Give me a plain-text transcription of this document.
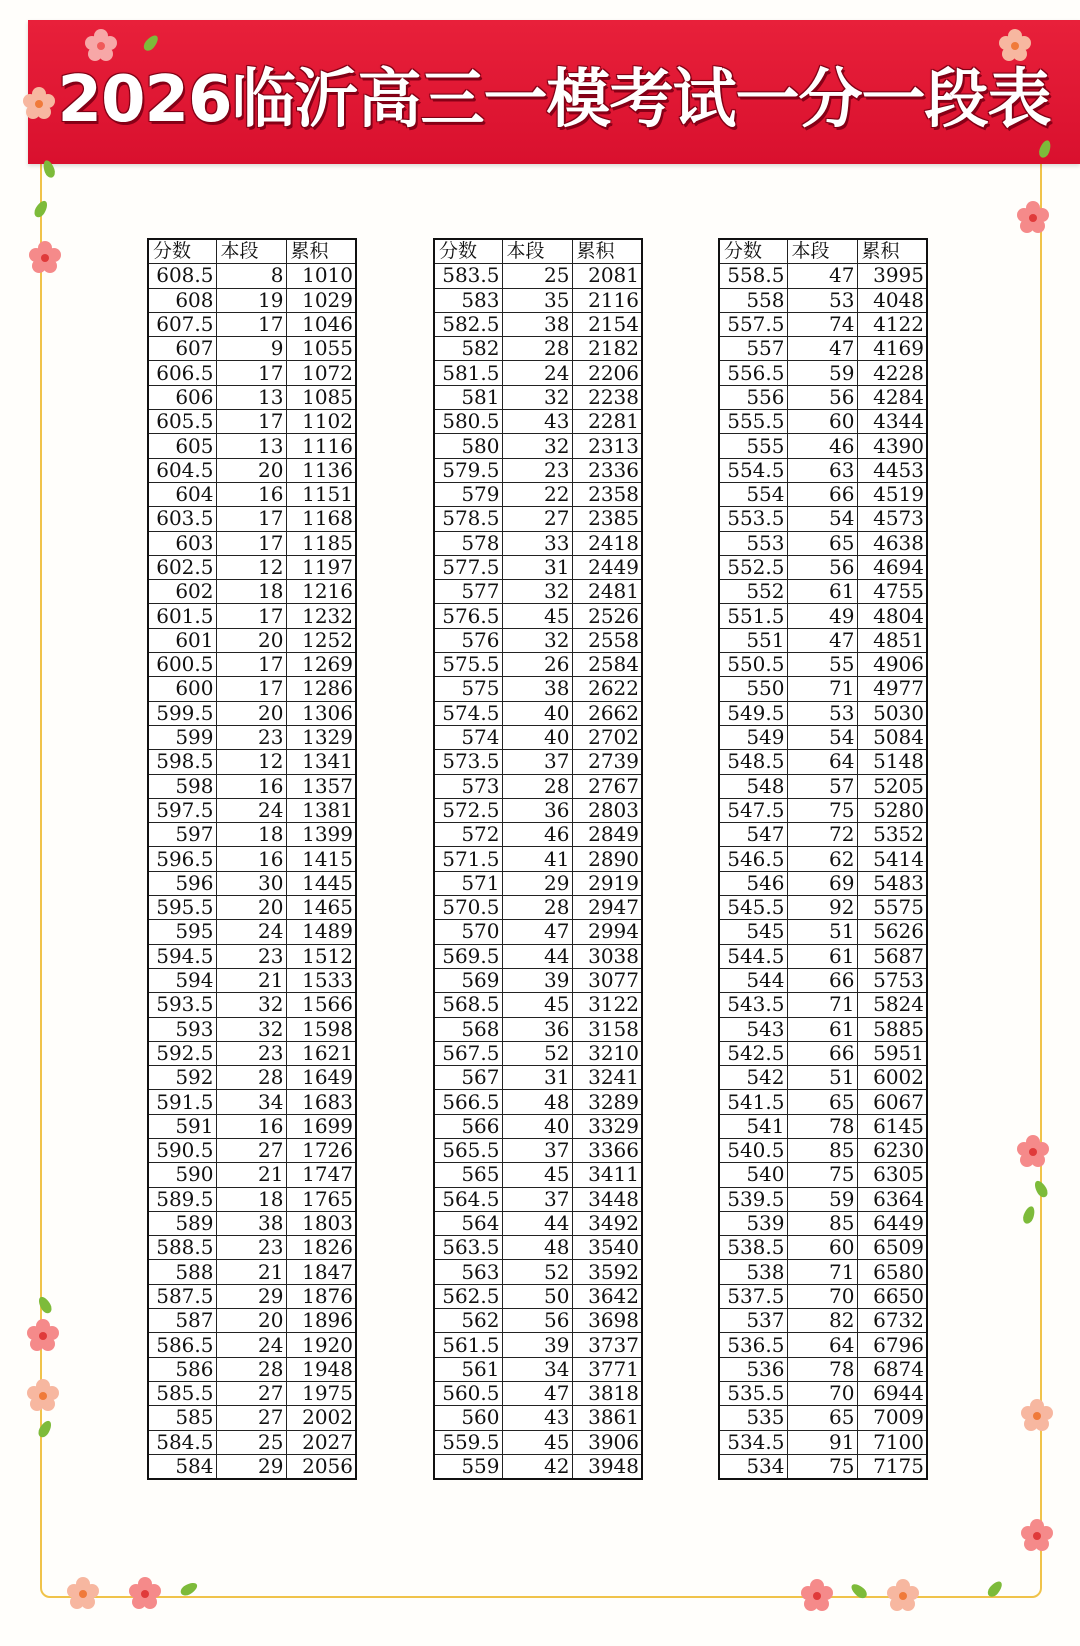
2026临沂高三一模考试一分一段表
分数	本段	累积
608.5	8	1010
608	19	1029
607.5	17	1046
607	9	1055
606.5	17	1072
606	13	1085
605.5	17	1102
605	13	1116
604.5	20	1136
604	16	1151
603.5	17	1168
603	17	1185
602.5	12	1197
602	18	1216
601.5	17	1232
601	20	1252
600.5	17	1269
600	17	1286
599.5	20	1306
599	23	1329
598.5	12	1341
598	16	1357
597.5	24	1381
597	18	1399
596.5	16	1415
596	30	1445
595.5	20	1465
595	24	1489
594.5	23	1512
594	21	1533
593.5	32	1566
593	32	1598
592.5	23	1621
592	28	1649
591.5	34	1683
591	16	1699
590.5	27	1726
590	21	1747
589.5	18	1765
589	38	1803
588.5	23	1826
588	21	1847
587.5	29	1876
587	20	1896
586.5	24	1920
586	28	1948
585.5	27	1975
585	27	2002
584.5	25	2027
584	29	2056
分数	本段	累积
583.5	25	2081
583	35	2116
582.5	38	2154
582	28	2182
581.5	24	2206
581	32	2238
580.5	43	2281
580	32	2313
579.5	23	2336
579	22	2358
578.5	27	2385
578	33	2418
577.5	31	2449
577	32	2481
576.5	45	2526
576	32	2558
575.5	26	2584
575	38	2622
574.5	40	2662
574	40	2702
573.5	37	2739
573	28	2767
572.5	36	2803
572	46	2849
571.5	41	2890
571	29	2919
570.5	28	2947
570	47	2994
569.5	44	3038
569	39	3077
568.5	45	3122
568	36	3158
567.5	52	3210
567	31	3241
566.5	48	3289
566	40	3329
565.5	37	3366
565	45	3411
564.5	37	3448
564	44	3492
563.5	48	3540
563	52	3592
562.5	50	3642
562	56	3698
561.5	39	3737
561	34	3771
560.5	47	3818
560	43	3861
559.5	45	3906
559	42	3948
分数	本段	累积
558.5	47	3995
558	53	4048
557.5	74	4122
557	47	4169
556.5	59	4228
556	56	4284
555.5	60	4344
555	46	4390
554.5	63	4453
554	66	4519
553.5	54	4573
553	65	4638
552.5	56	4694
552	61	4755
551.5	49	4804
551	47	4851
550.5	55	4906
550	71	4977
549.5	53	5030
549	54	5084
548.5	64	5148
548	57	5205
547.5	75	5280
547	72	5352
546.5	62	5414
546	69	5483
545.5	92	5575
545	51	5626
544.5	61	5687
544	66	5753
543.5	71	5824
543	61	5885
542.5	66	5951
542	51	6002
541.5	65	6067
541	78	6145
540.5	85	6230
540	75	6305
539.5	59	6364
539	85	6449
538.5	60	6509
538	71	6580
537.5	70	6650
537	82	6732
536.5	64	6796
536	78	6874
535.5	70	6944
535	65	7009
534.5	91	7100
534	75	7175
